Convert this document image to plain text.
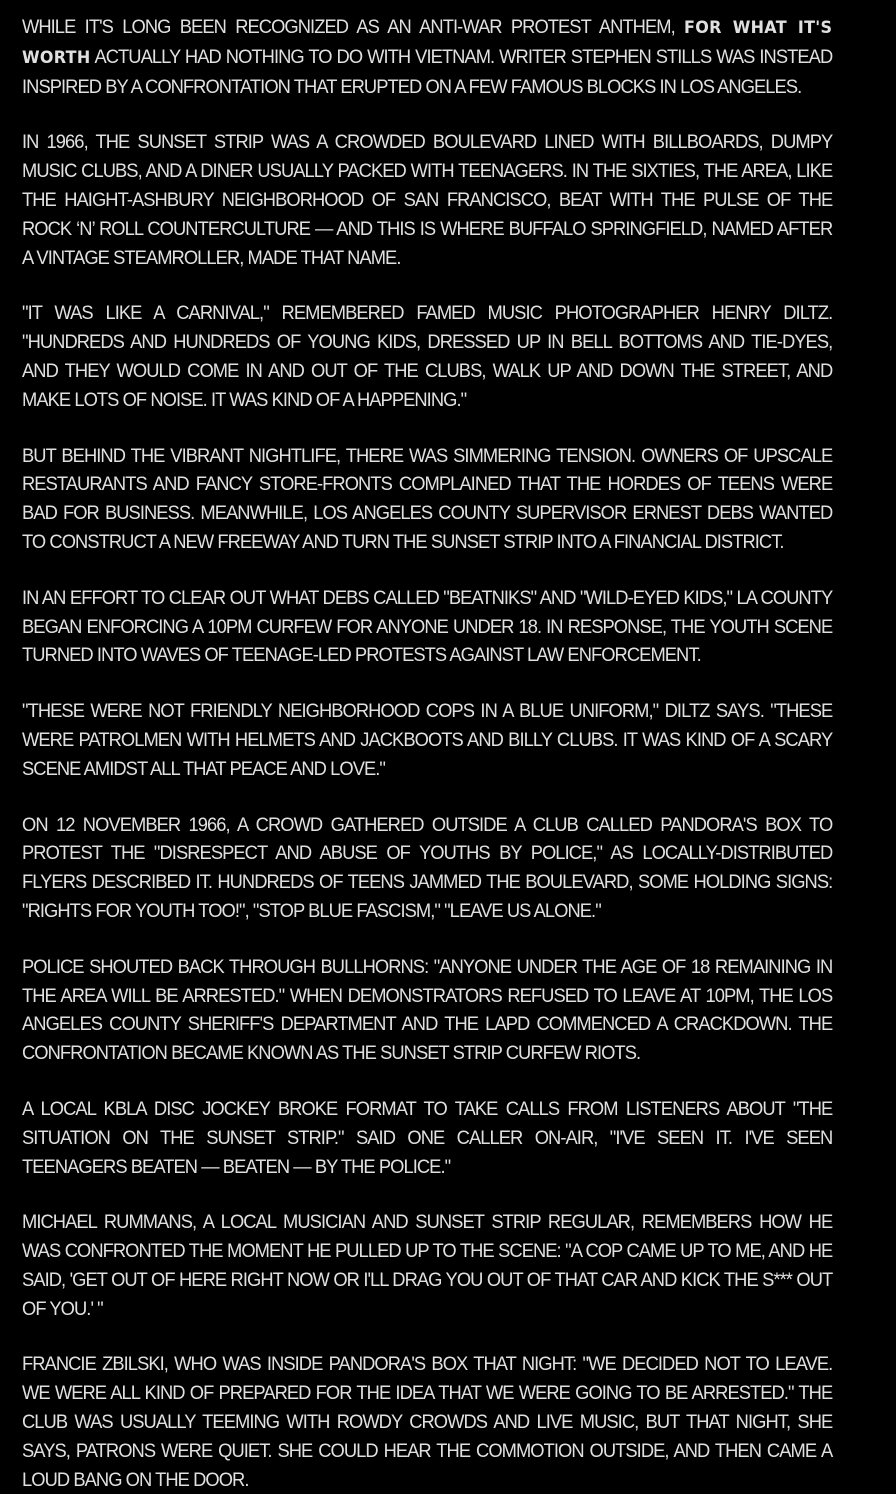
WHILE IT'S LONG BEEN RECOGNIZED AS AN ANTI-WAR PROTEST ANTHEM, FOR WHAT IT'S WORTH ACTUALLY HAD NOTHING TO DO WITH VIETNAM. WRITER STEPHEN STILLS WAS INSTEAD INSPIRED BY A CONFRONTATION THAT ERUPTED ON A FEW FAMOUS BLOCKS IN LOS ANGELES.

IN 1966, THE SUNSET STRIP WAS A CROWDED BOULEVARD LINED WITH BILLBOARDS, DUMPY MUSIC CLUBS, AND A DINER USUALLY PACKED WITH TEENAGERS. IN THE SIXTIES, THE AREA, LIKE THE HAIGHT-ASHBURY NEIGHBORHOOD OF SAN FRANCISCO, BEAT WITH THE PULSE OF THE ROCK ‘N’ ROLL COUNTERCULTURE — AND THIS IS WHERE BUFFALO SPRINGFIELD, NAMED AFTER A VINTAGE STEAMROLLER, MADE THAT NAME.

"IT WAS LIKE A CARNIVAL," REMEMBERED FAMED MUSIC PHOTOGRAPHER HENRY DILTZ. "HUNDREDS AND HUNDREDS OF YOUNG KIDS, DRESSED UP IN BELL BOTTOMS AND TIE-DYES, AND THEY WOULD COME IN AND OUT OF THE CLUBS, WALK UP AND DOWN THE STREET, AND MAKE LOTS OF NOISE. IT WAS KIND OF A HAPPENING."

BUT BEHIND THE VIBRANT NIGHTLIFE, THERE WAS SIMMERING TENSION. OWNERS OF UPSCALE RESTAURANTS AND FANCY STORE-FRONTS COMPLAINED THAT THE HORDES OF TEENS WERE BAD FOR BUSINESS. MEANWHILE, LOS ANGELES COUNTY SUPERVISOR ERNEST DEBS WANTED TO CONSTRUCT A NEW FREEWAY AND TURN THE SUNSET STRIP INTO A FINANCIAL DISTRICT.

IN AN EFFORT TO CLEAR OUT WHAT DEBS CALLED "BEATNIKS" AND "WILD-EYED KIDS," LA COUNTY BEGAN ENFORCING A 10PM CURFEW FOR ANYONE UNDER 18. IN RESPONSE, THE YOUTH SCENE TURNED INTO WAVES OF TEENAGE-LED PROTESTS AGAINST LAW ENFORCEMENT.

"THESE WERE NOT FRIENDLY NEIGHBORHOOD COPS IN A BLUE UNIFORM," DILTZ SAYS. "THESE WERE PATROLMEN WITH HELMETS AND JACKBOOTS AND BILLY CLUBS. IT WAS KIND OF A SCARY SCENE AMIDST ALL THAT PEACE AND LOVE."

ON 12 NOVEMBER 1966, A CROWD GATHERED OUTSIDE A CLUB CALLED PANDORA'S BOX TO PROTEST THE "DISRESPECT AND ABUSE OF YOUTHS BY POLICE," AS LOCALLY-DISTRIBUTED FLYERS DESCRIBED IT. HUNDREDS OF TEENS JAMMED THE BOULEVARD, SOME HOLDING SIGNS: "RIGHTS FOR YOUTH TOO!", "STOP BLUE FASCISM," "LEAVE US ALONE."

POLICE SHOUTED BACK THROUGH BULLHORNS: "ANYONE UNDER THE AGE OF 18 REMAINING IN THE AREA WILL BE ARRESTED." WHEN DEMONSTRATORS REFUSED TO LEAVE AT 10PM, THE LOS ANGELES COUNTY SHERIFF'S DEPARTMENT AND THE LAPD COMMENCED A CRACKDOWN. THE CONFRONTATION BECAME KNOWN AS THE SUNSET STRIP CURFEW RIOTS.

A LOCAL KBLA DISC JOCKEY BROKE FORMAT TO TAKE CALLS FROM LISTENERS ABOUT "THE SITUATION ON THE SUNSET STRIP." SAID ONE CALLER ON-AIR, "I'VE SEEN IT. I'VE SEEN TEENAGERS BEATEN — BEATEN — BY THE POLICE."

MICHAEL RUMMANS, A LOCAL MUSICIAN AND SUNSET STRIP REGULAR, REMEMBERS HOW HE WAS CONFRONTED THE MOMENT HE PULLED UP TO THE SCENE: "A COP CAME UP TO ME, AND HE SAID, 'GET OUT OF HERE RIGHT NOW OR I'LL DRAG YOU OUT OF THAT CAR AND KICK THE S*** OUT OF YOU.' "

FRANCIE ZBILSKI, WHO WAS INSIDE PANDORA'S BOX THAT NIGHT: "WE DECIDED NOT TO LEAVE. WE WERE ALL KIND OF PREPARED FOR THE IDEA THAT WE WERE GOING TO BE ARRESTED." THE CLUB WAS USUALLY TEEMING WITH ROWDY CROWDS AND LIVE MUSIC, BUT THAT NIGHT, SHE SAYS, PATRONS WERE QUIET. SHE COULD HEAR THE COMMOTION OUTSIDE, AND THEN CAME A LOUD BANG ON THE DOOR.
